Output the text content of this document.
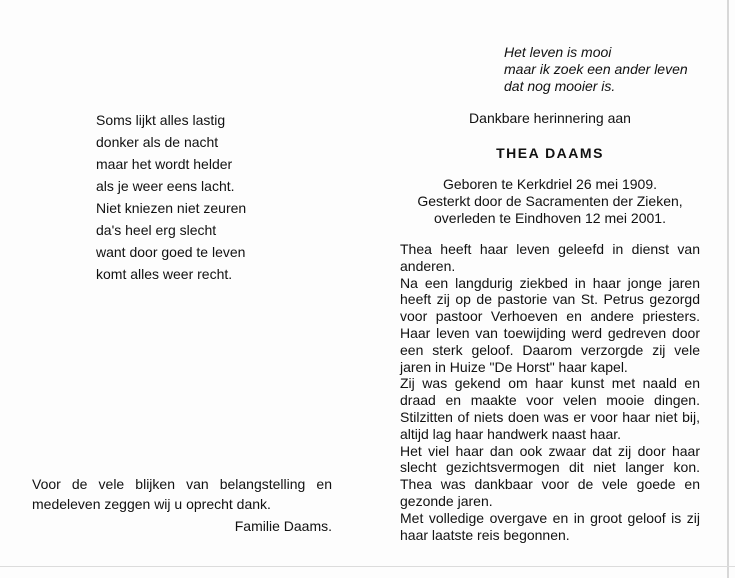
Soms lijkt alles lastig
donker als de nacht
maar het wordt helder
als je weer eens lacht.
Niet kniezen niet zeuren
da's heel erg slecht
want door goed te leven
komt alles weer recht.
Voor de vele blijken van belangstelling en
medeleven zeggen wij u oprecht dank.
Familie Daams.
Het leven is mooi
maar ik zoek een ander leven
dat nog mooier is.
Dankbare herinnering aan
THEA DAAMS
Geboren te Kerkdriel 26 mei 1909.
Gesterkt door de Sacramenten der Zieken,
overleden te Eindhoven 12 mei 2001.
Thea heeft haar leven geleefd in dienst van
anderen.
Na een langdurig ziekbed in haar jonge jaren
heeft zij op de pastorie van St. Petrus gezorgd
voor pastoor Verhoeven en andere priesters.
Haar leven van toewijding werd gedreven door
een sterk geloof. Daarom verzorgde zij vele
jaren in Huize "De Horst" haar kapel.
Zij was gekend om haar kunst met naald en
draad en maakte voor velen mooie dingen.
Stilzitten of niets doen was er voor haar niet bij,
altijd lag haar handwerk naast haar.
Het viel haar dan ook zwaar dat zij door haar
slecht gezichtsvermogen dit niet langer kon.
Thea was dankbaar voor de vele goede en
gezonde jaren.
Met volledige overgave en in groot geloof is zij
haar laatste reis begonnen.
